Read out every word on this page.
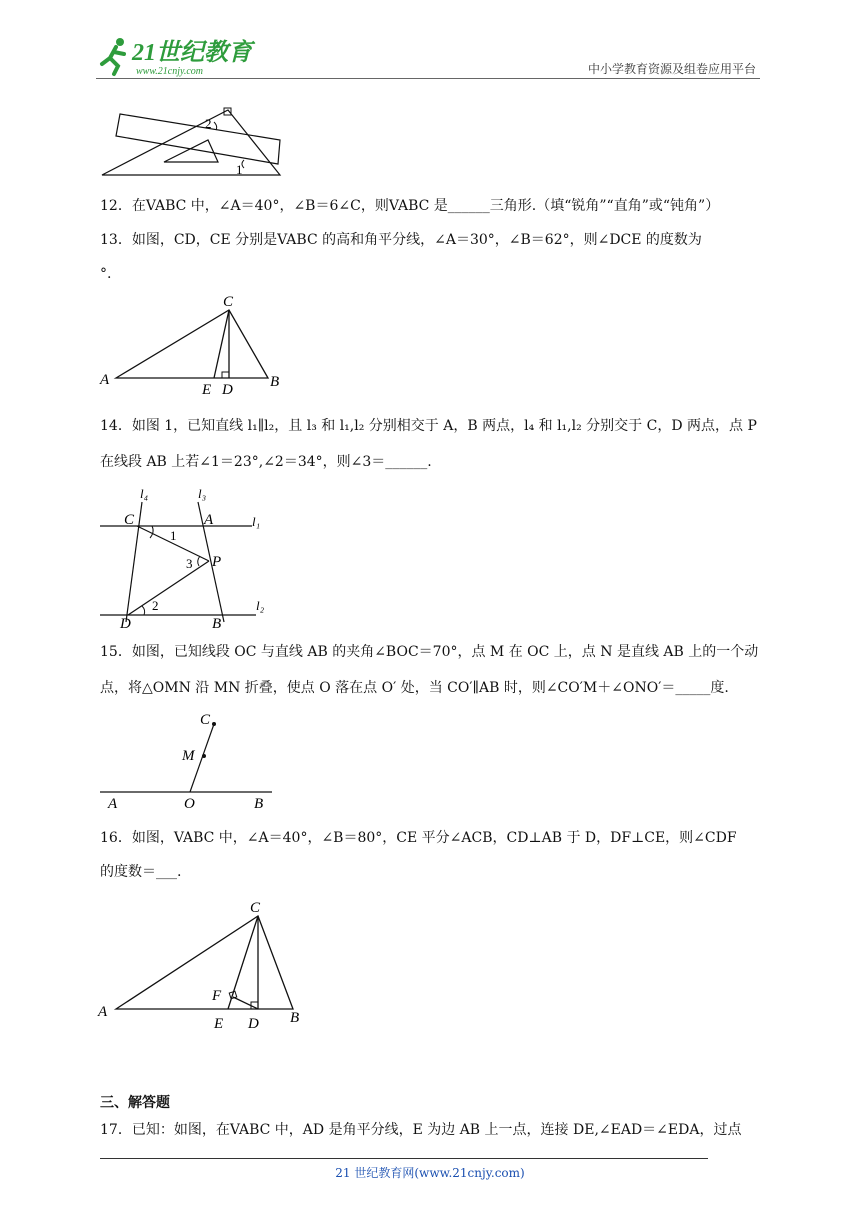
21世纪教育
www.21cnjy.com	中小学教育资源及组卷应用平台
2
1
12．在VABC 中，∠A＝40°，∠B＝6∠C，则VABC 是______三角形.（填“锐角”“直角”或“钝角”）
13．如图，CD，CE 分别是VABC 的高和角平分线，∠A＝30°，∠B＝62°，则∠DCE 的度数为
°.
A
C
E D B
14．如图 1，已知直线 l₁∥l₂，且 l₃ 和 l₁,l₂ 分别相交于 A，B 两点，l₄ 和 l₁,l₂ 分别交于 C，D 两点，点 P
在线段 AB 上若∠1＝23°,∠2＝34°，则∠3＝______.
l₄	l₃
l₁
l₂
C	A
P
D	B
1
2
3
15．如图，已知线段 OC 与直线 AB 的夹角∠BOC＝70°，点 M 在 OC 上，点 N 是直线 AB 上的一个动
点，将△OMN 沿 MN 折叠，使点 O 落在点 O′ 处，当 CO′∥AB 时，则∠CO′M＋∠ONO′＝_____度.
C
M
A	O	B
16．如图，VABC 中，∠A＝40°，∠B＝80°，CE 平分∠ACB，CD⊥AB 于 D，DF⊥CE，则∠CDF
的度数＝___.
A
C
F
E D B
三、解答题
17．已知：如图，在VABC 中，AD 是角平分线，E 为边 AB 上一点，连接 DE,∠EAD＝∠EDA，过点
21 世纪教育网(www.21cnjy.com)
